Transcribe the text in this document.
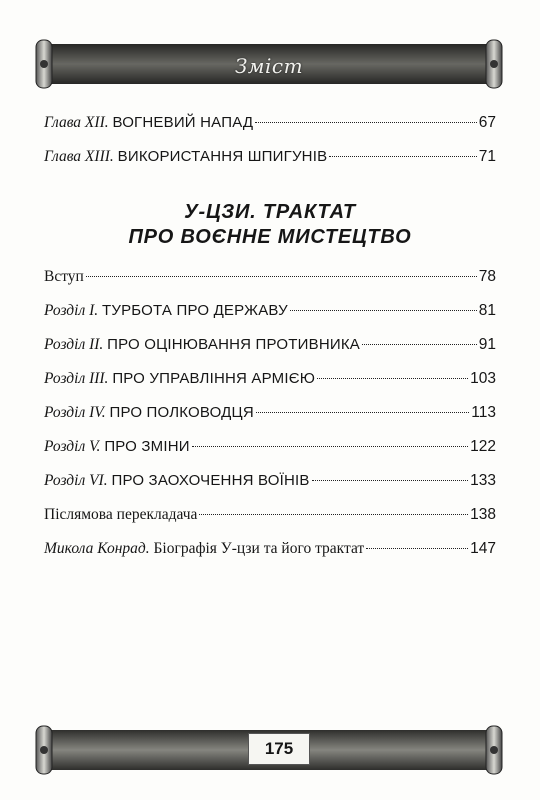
Зміст
Глава XII. ВОГНЕВИЙ НАПАД	67
Глава XIII. ВИКОРИСТАННЯ ШПИГУНІВ	71
У-ЦЗИ. ТРАКТАТ
ПРО ВОЄННЕ МИСТЕЦТВО
Вступ	78
Розділ I. ТУРБОТА ПРО ДЕРЖАВУ	81
Розділ II. ПРО ОЦІНЮВАННЯ ПРОТИВНИКА	91
Розділ III. ПРО УПРАВЛІННЯ АРМІЄЮ	103
Розділ IV. ПРО ПОЛКОВОДЦЯ	113
Розділ V. ПРО ЗМІНИ	122
Розділ VI. ПРО ЗАОХОЧЕННЯ ВОЇНІВ	133
Післямова перекладача	138
Микола Конрад. Біографія У-цзи та його трактат	147
175
